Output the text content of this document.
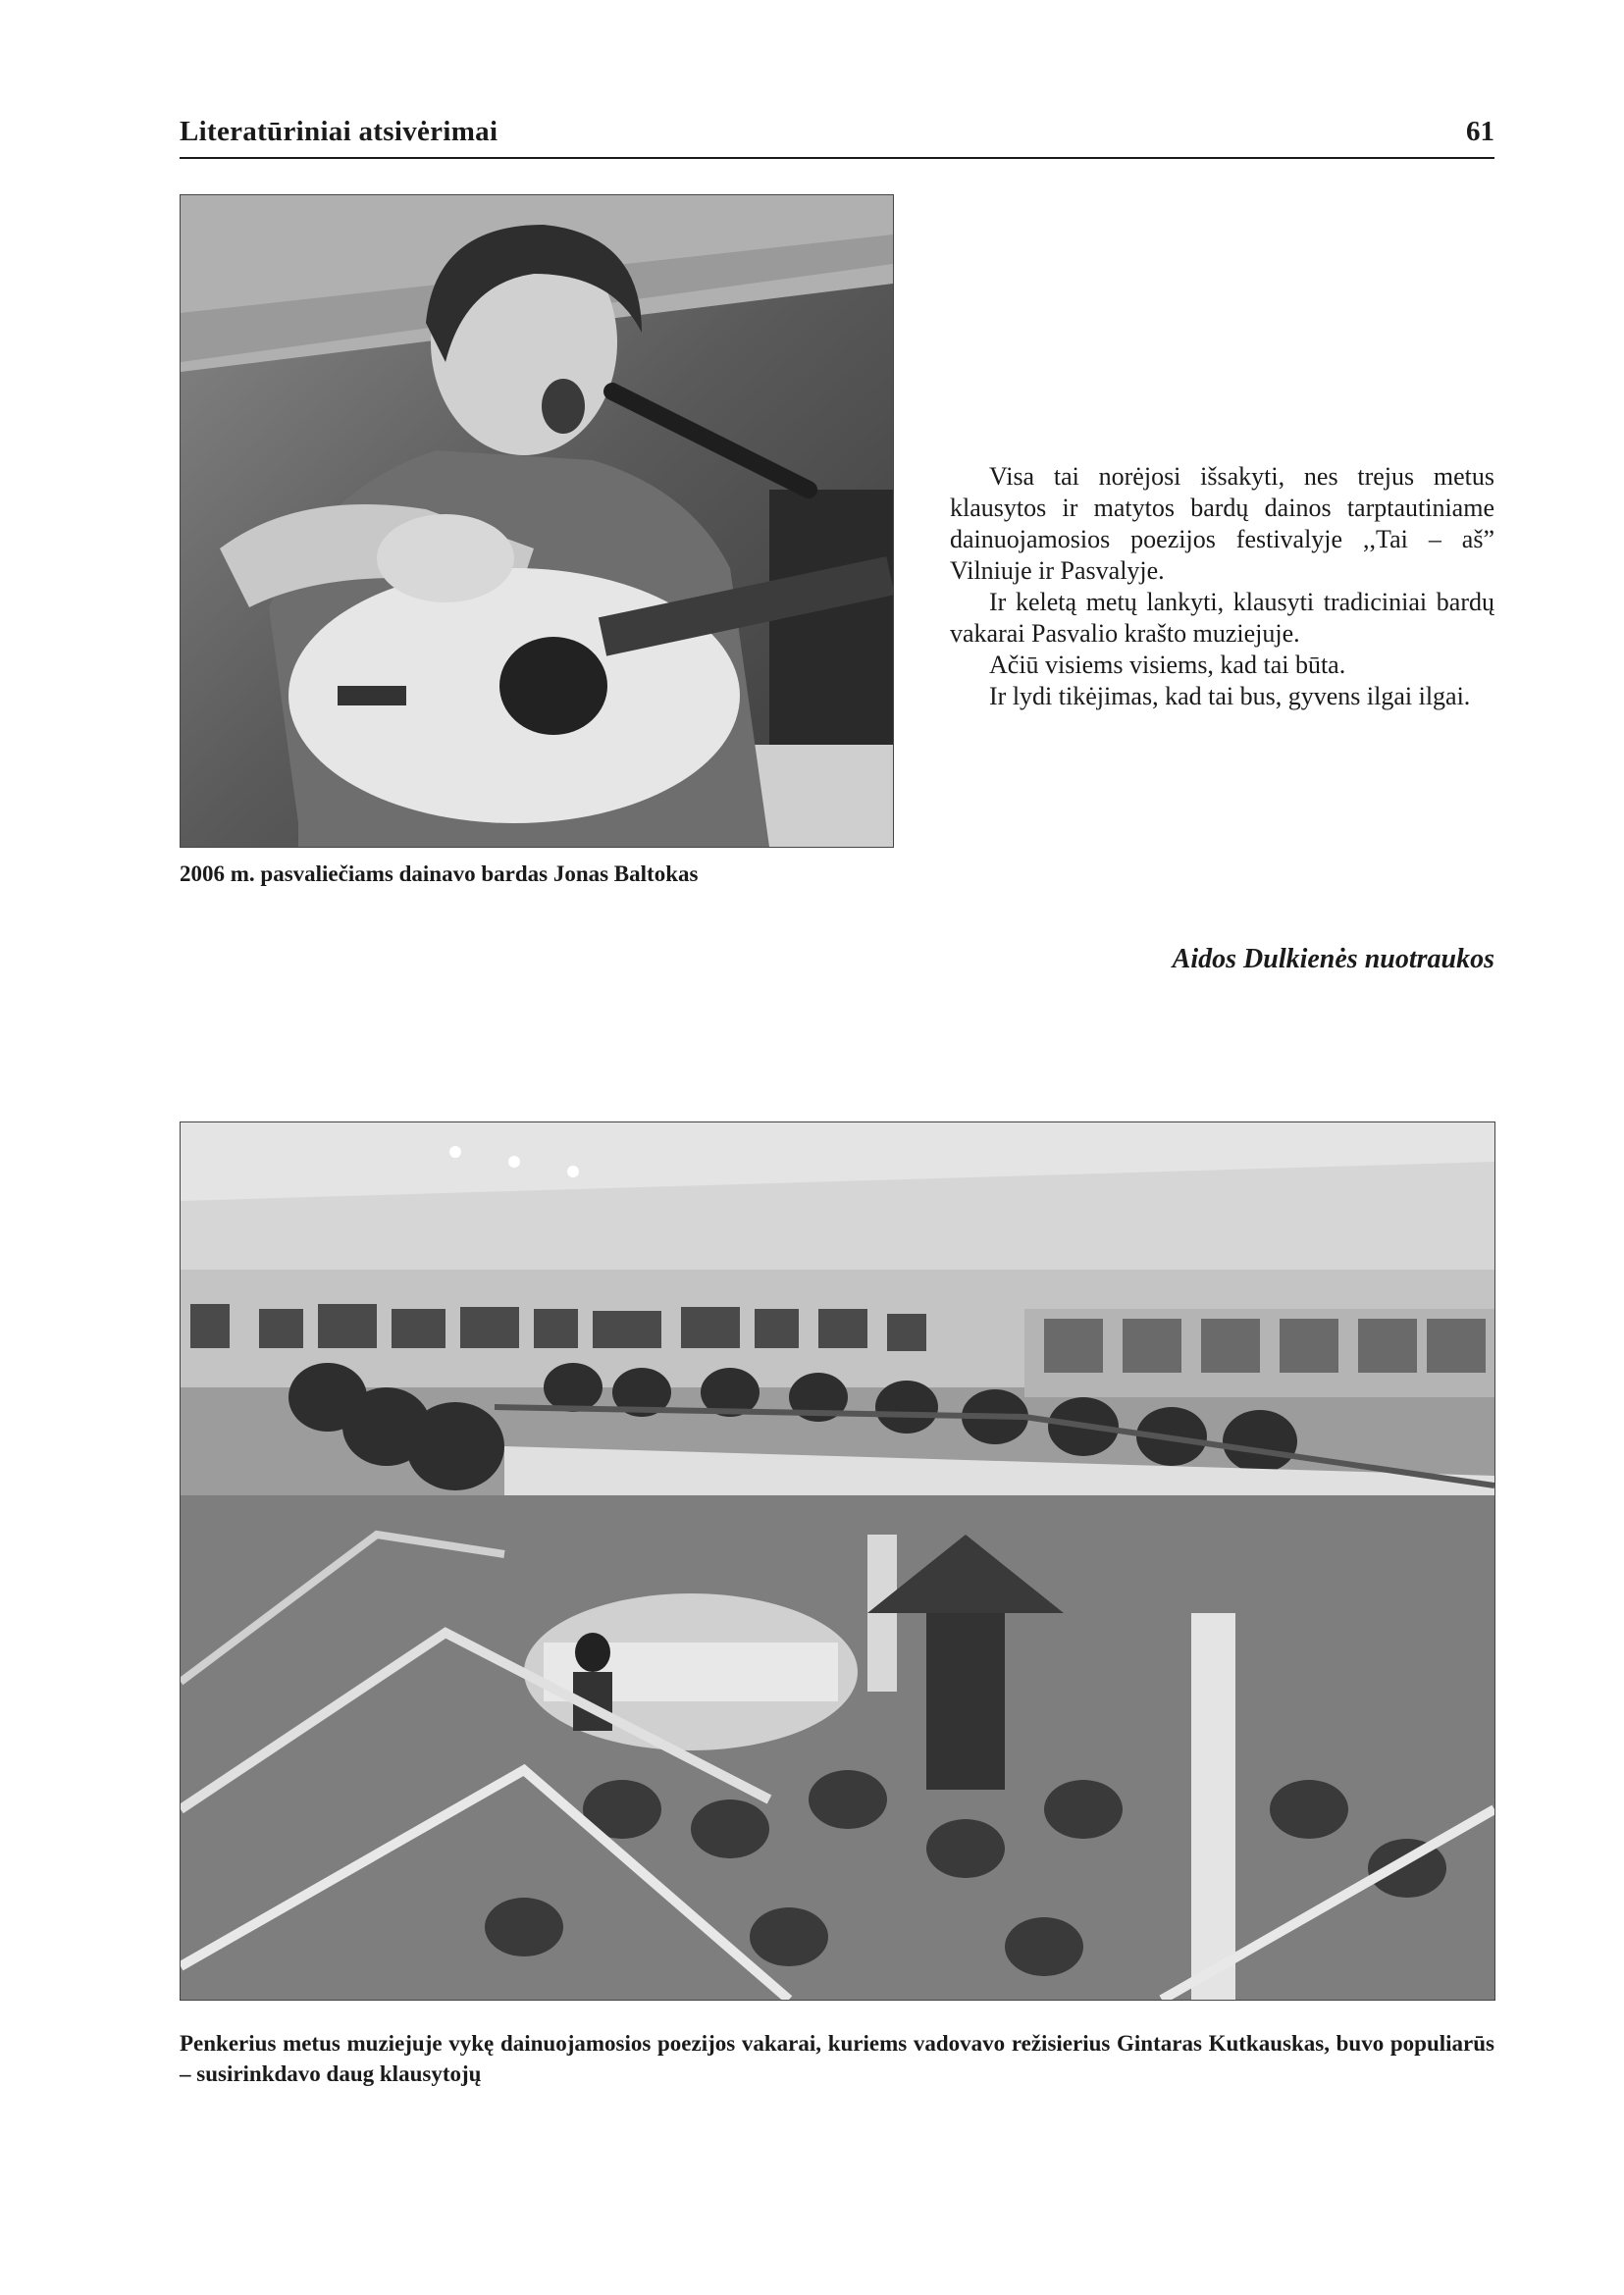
Literatūriniai atsivėrimai	61

Visa tai norėjosi išsakyti, nes trejus metus klausytos ir matytos bardų dainos tarptautiniame dainuojamosios poezijos festivalyje ,,Tai – aš” Vilniuje ir Pasvalyje.

Ir keletą metų lankyti, klausyti tradiciniai bardų vakarai Pasvalio krašto muziejuje.

Ačiū visiems visiems, kad tai būta.

Ir lydi tikėjimas, kad tai bus, gyvens ilgai ilgai.

2006 m. pasvaliečiams dainavo bardas Jonas Baltokas
Aidos Dulkienės nuotraukos
Penkerius metus muziejuje vykę dainuojamosios poezijos vakarai, kuriems vadovavo režisierius Gintaras Kutkauskas, buvo populiarūs – susirinkdavo daug klausytojų
